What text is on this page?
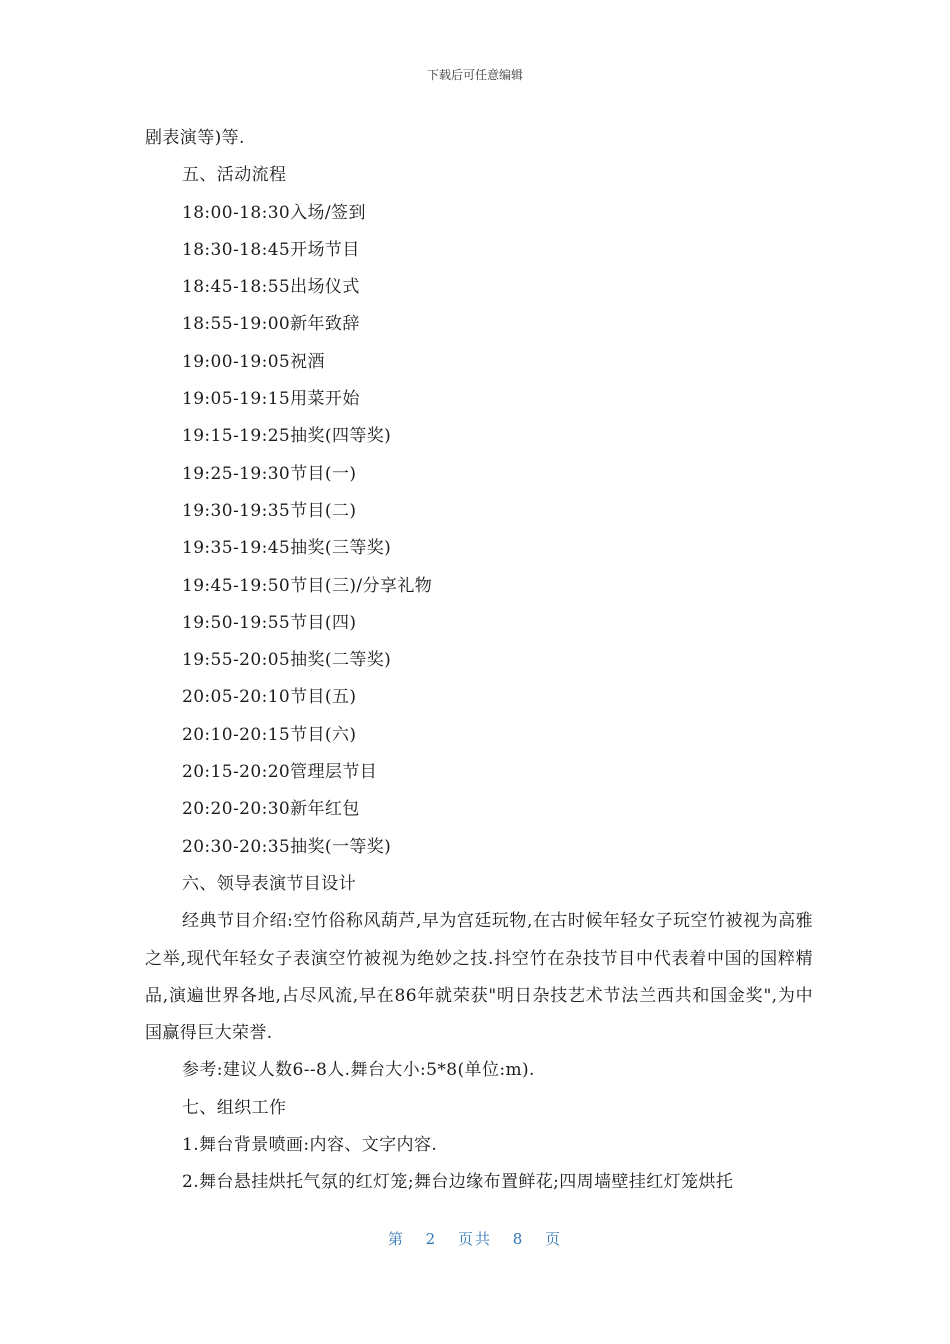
下载后可任意编辑
剧表演等)等.
五、活动流程
18:00-18:30入场/签到
18:30-18:45开场节目
18:45-18:55出场仪式
18:55-19:00新年致辞
19:00-19:05祝酒
19:05-19:15用菜开始
19:15-19:25抽奖(四等奖)
19:25-19:30节目(一)
19:30-19:35节目(二)
19:35-19:45抽奖(三等奖)
19:45-19:50节目(三)/分享礼物
19:50-19:55节目(四)
19:55-20:05抽奖(二等奖)
20:05-20:10节目(五)
20:10-20:15节目(六)
20:15-20:20管理层节目
20:20-20:30新年红包
20:30-20:35抽奖(一等奖)
六、领导表演节目设计
经典节目介绍:空竹俗称风葫芦,早为宫廷玩物,在古时候年轻女子玩空竹被视为高雅之举,现代年轻女子表演空竹被视为绝妙之技.抖空竹在杂技节目中代表着中国的国粹精品,演遍世界各地,占尽风流,早在86年就荣获"明日杂技艺术节法兰西共和国金奖",为中国赢得巨大荣誉.
参考:建议人数6--8人.舞台大小:5*8(单位:m).
七、组织工作
1.舞台背景喷画:内容、文字内容.
2.舞台悬挂烘托气氛的红灯笼;舞台边缘布置鲜花;四周墙壁挂红灯笼烘托
第 2 页共 8 页
